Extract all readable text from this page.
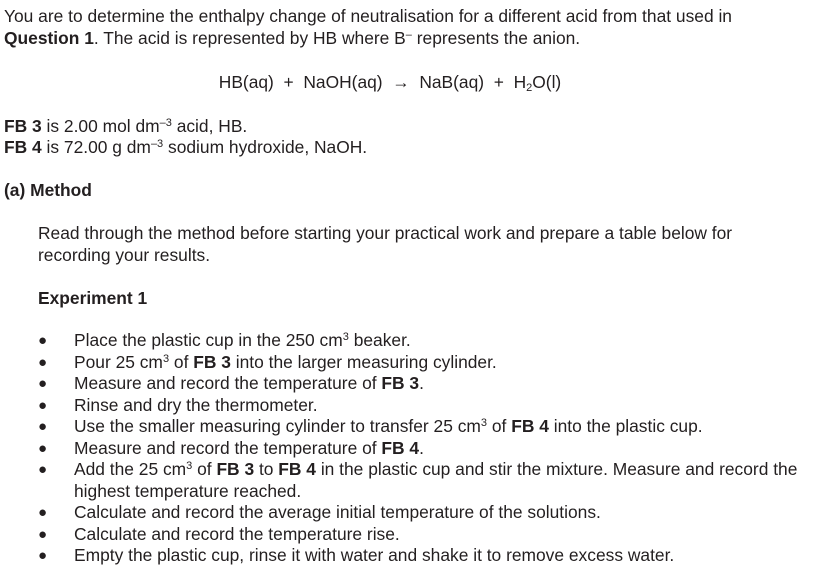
You are to determine the enthalpy change of neutralisation for a different acid from that used in
Question 1. The acid is represented by HB where B– represents the anion.
HB(aq)  +  NaOH(aq)  →  $NaB(aq) + H_2O(l)$
FB 3 is 2.00 mol $dm^{-3}$ acid, HB.
FB 4 is 72.00 g $dm^{-3}$ sodium hydroxide, NaOH.
(a) Method
Read through the method before starting your practical work and prepare a table below for recording your results.
Experiment 1
●	Place the plastic cup in the 250 $cm^3$ beaker.
●	Pour 25 $cm^3$ of FB 3 into the larger measuring cylinder.
●	Measure and record the temperature of FB 3.
●	Rinse and dry the thermometer.
●	Use the smaller measuring cylinder to transfer 25 $cm^3$ of FB 4 into the plastic cup.
●	Measure and record the temperature of FB 4.
●	Add the 25 $cm^3$ of FB 3 to FB 4 in the plastic cup and stir the mixture. Measure and record the highest temperature reached.
●	Calculate and record the average initial temperature of the solutions.
●	Calculate and record the temperature rise.
●	Empty the plastic cup, rinse it with water and shake it to remove excess water.
